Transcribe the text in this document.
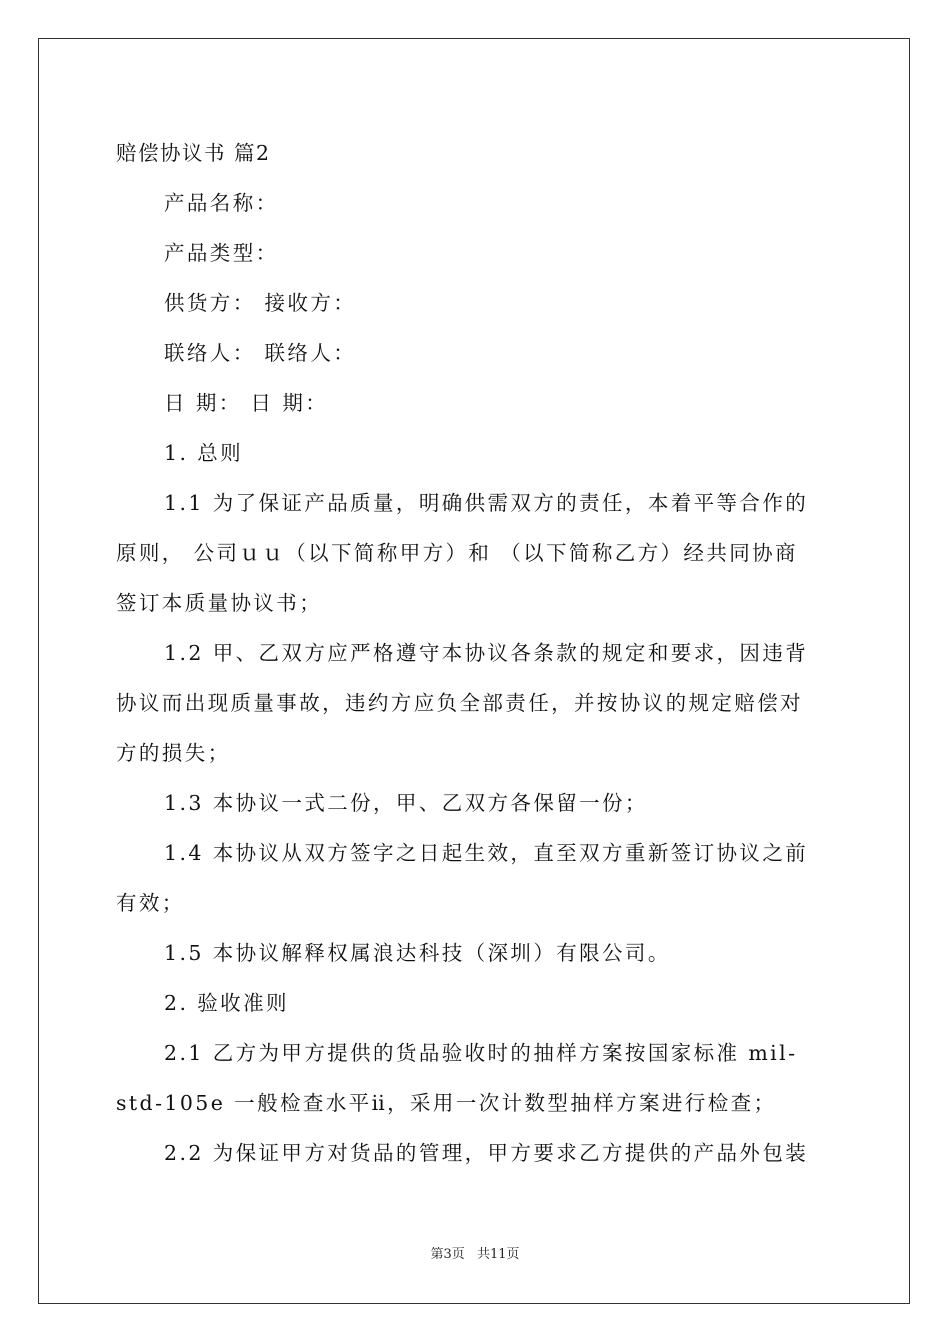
赔偿协议书 篇2
产品名称：
产品类型：
供货方： 接收方：
联络人： 联络人：
日 期： 日 期：
1. 总则
1.1 为了保证产品质量，明确供需双方的责任，本着平等合作的
原则， 公司ｕｕ（以下简称甲方）和 （以下简称乙方）经共同协商
签订本质量协议书；
1.2 甲、乙双方应严格遵守本协议各条款的规定和要求，因违背
协议而出现质量事故，违约方应负全部责任，并按协议的规定赔偿对
方的损失；
1.3 本协议一式二份，甲、乙双方各保留一份；
1.4 本协议从双方签字之日起生效，直至双方重新签订协议之前
有效；
1.5 本协议解释权属浪达科技（深圳）有限公司。
2. 验收准则
2.1 乙方为甲方提供的货品验收时的抽样方案按国家标准 mil-
std-105e 一般检查水平ⅱ，采用一次计数型抽样方案进行检查；
2.2 为保证甲方对货品的管理，甲方要求乙方提供的产品外包装
第3页 共11页
